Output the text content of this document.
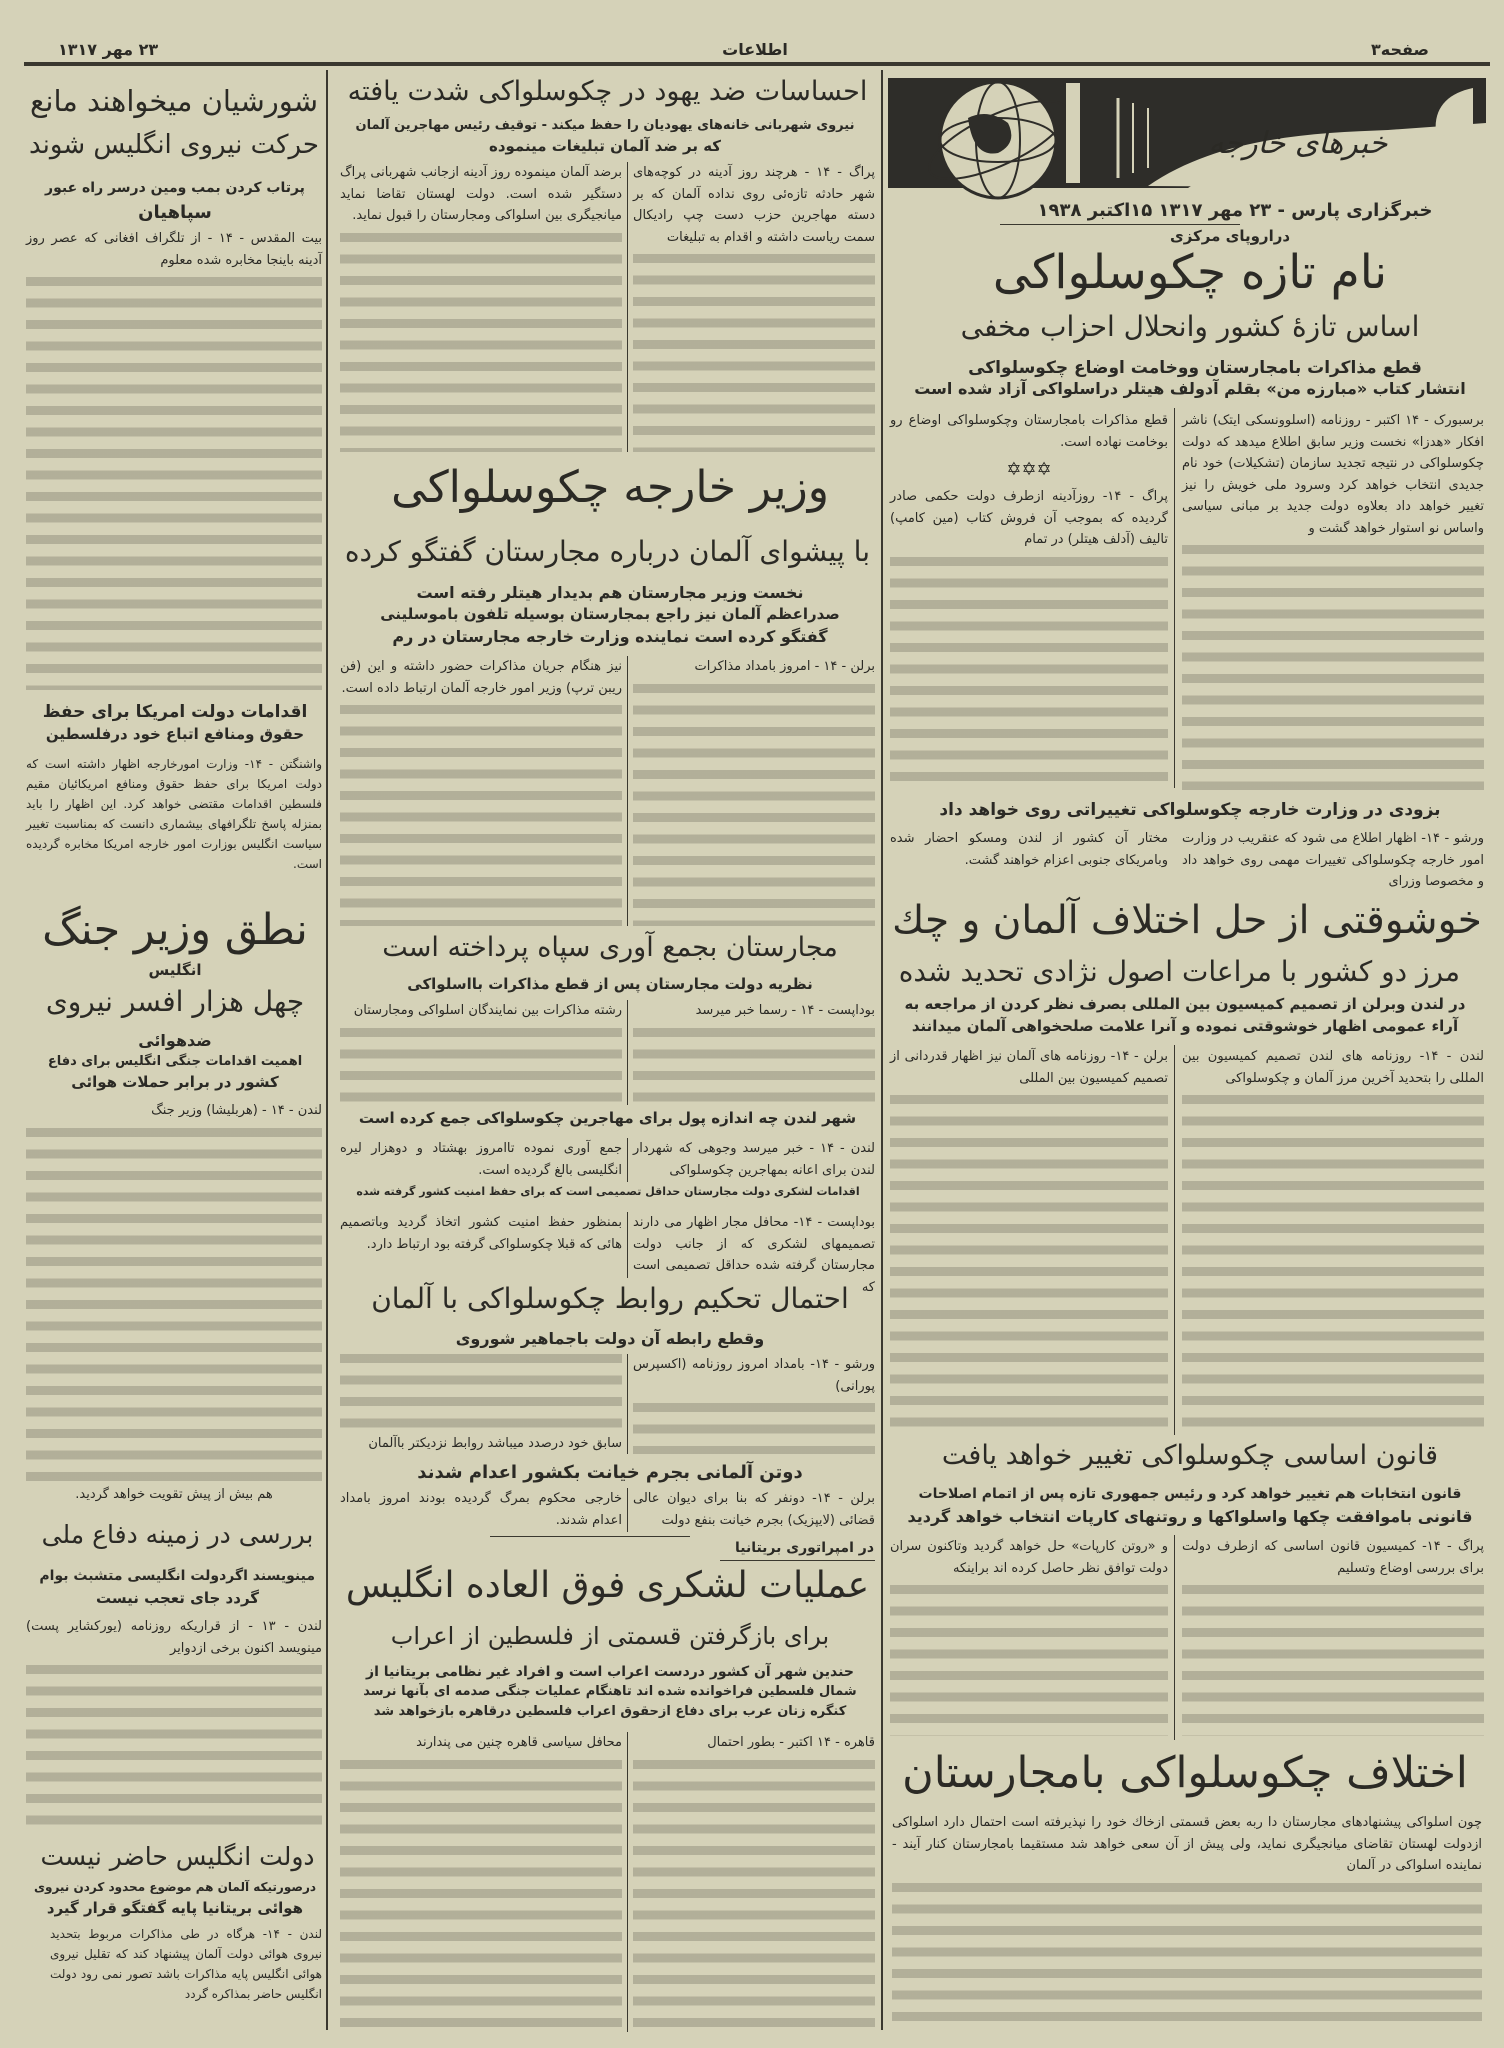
صفحه۳
اطلاعات
۲۳ مهر ۱۳۱۷
خبرهای خارجه
خبرگزاری پارس - ۲۳ مهر ۱۳۱۷ ۱۵اکتبر ۱۹۳۸
دراروپای مرکزی
نام تازه چکوسلواکی
اساس تازهٔ کشور وانحلال احزاب مخفی
قطع مذاکرات بامجارستان ووخامت اوضاع چکوسلواکی
انتشار کتاب «مبارزه من» بقلم آدولف هیتلر دراسلواکی آزاد شده است
برسبورک - ۱۴ اکتبر - روزنامه (اسلوونسکی ایتک) ناشر افکار «هدزا» نخست وزیر سابق اطلاع میدهد که دولت چکوسلواکی در نتیجه تجدید سازمان (تشکیلات) خود نام جدیدی انتخاب خواهد کرد وسرود ملی خویش را نیز تغییر خواهد داد بعلاوه دولت جدید بر مبانی سیاسی واساس نو استوار خواهد گشت و
قطع مذاکرات بامجارستان وچکوسلواکی اوضاع رو بوخامت نهاده است.
✡✡✡
پراگ - ۱۴- روزآدینه ازطرف دولت حکمی صادر گردیده که بموجب آن فروش کتاب (مین کامپ) تالیف (آدلف هیتلر) در تمام
بزودی در وزارت خارجه چکوسلواکی تغییراتی روی خواهد داد
ورشو - ۱۴- اظهار اطلاع می شود که عنقریب در وزارت امور خارجه چکوسلواکی تغییرات مهمی روی خواهد داد و مخصوصا وزرای
مختار آن کشور از لندن ومسکو احضار شده وبامریکای جنوبی اعزام خواهند گشت.
خوشوقتی از حل اختلاف آلمان و چك
مرز دو کشور با مراعات اصول نژادی تحدید شده
در لندن وبرلن از تصمیم کمیسیون بین المللی بصرف نظر کردن از مراجعه به
آراء عمومی اظهار خوشوقتی نموده و آنرا علامت صلحخواهی آلمان میدانند
لندن - ۱۴- روزنامه های لندن تصمیم کمیسیون بین المللی را بتحدید آخرین مرز آلمان و چکوسلواکی
برلن - ۱۴- روزنامه های آلمان نیز اظهار قدردانی از تصمیم کمیسیون بین المللی
قانون اساسی چکوسلواکی تغییر خواهد یافت
قانون انتخابات هم تغییر خواهد کرد و رئیس جمهوری تازه پس از اتمام اصلاحات
قانونی باموافقت چکها واسلواکها و روتنهای کارپات انتخاب خواهد گردید
پراگ - ۱۴- کمیسیون قانون اساسی که ازطرف دولت برای بررسی اوضاع وتسلیم
و «روتن کارپات» حل خواهد گردید وتاکنون سران دولت توافق نظر حاصل کرده اند براینکه
اختلاف چکوسلواکی بامجارستان
چون اسلواکی پیشنهادهای مجارستان دا ربه بعض قسمتی ازخاك خود را نپذیرفته است احتمال دارد اسلواکی ازدولت لهستان تقاضای میانجیگری نماید، ولی پیش از آن سعی خواهد شد مستقیما بامجارستان کنار آیند - نماینده اسلواکی در آلمان
احساسات ضد یهود در چکوسلواکی شدت یافته
نیروی شهربانی خانه‌های یهودیان را حفظ میکند - توقیف رئیس مهاجرین آلمان
که بر ضد آلمان تبلیغات مینموده
پراگ - ۱۴ - هرچند روز آدینه در کوچه‌های شهر حادثه تازه‌ئی روی نداده آلمان که بر دسته مهاجرین حزب دست چپ رادیکال سمت ریاست داشته و اقدام به تبلیغات
برضد آلمان مینموده روز آدینه ازجانب شهربانی پراگ دستگیر شده است. دولت لهستان تقاضا نماید میانجیگری بین اسلواکی ومجارستان را قبول نماید.
وزیر خارجه چکوسلواکی
با پیشوای آلمان درباره مجارستان گفتگو کرده
نخست وزیر مجارستان هم بدیدار هیتلر رفته است
صدراعظم آلمان نیز راجع بمجارستان بوسیله تلفون باموسلینی
گفتگو کرده است نماینده وزارت خارجه مجارستان در رم
برلن - ۱۴ - امروز بامداد مذاکرات
نیز هنگام جریان مذاکرات حضور داشته و این (فن ریبن ترپ) وزیر امور خارجه آلمان ارتباط داده است.
مجارستان بجمع آوری سپاه پرداخته است
نظریه دولت مجارستان پس از قطع مذاکرات بااسلواکی
بوداپست - ۱۴ - رسما خبر میرسد
رشته مذاکرات بین نمایندگان اسلواکی ومجارستان
شهر لندن چه اندازه پول برای مهاجرین چکوسلواکی جمع کرده است
لندن - ۱۴ - خبر میرسد وجوهی که شهردار لندن برای اعانه بمهاجرین چکوسلواکی
جمع آوری نموده تاامروز بهشتاد و دوهزار لیره انگلیسی بالغ گردیده است.
اقدامات لشکری دولت مجارستان حداقل تصمیمی است که برای حفظ امنیت کشور گرفته شده
بوداپست - ۱۴- محافل مجار اظهار می دارند تصمیمهای لشکری که از جانب دولت مجارستان گرفته شده حداقل تصمیمی است که
بمنظور حفظ امنیت کشور اتخاذ گردید وباتصمیم هائی که قبلا چکوسلواکی گرفته بود ارتباط دارد.
احتمال تحکیم روابط چکوسلواکی با آلمان
وقطع رابطه آن دولت باجماهیر شوروی
ورشو - ۱۴- بامداد امروز روزنامه (اکسپرس پورانی)
سابق خود درصدد میباشد روابط نزدیکتر باآلمان
دوتن آلمانی بجرم خیانت بکشور اعدام شدند
برلن - ۱۴- دونفر که بنا برای دیوان عالی قضائی (لایپزیک) بجرم خیانت بنفع دولت
خارجی محکوم بمرگ گردیده بودند امروز بامداد اعدام شدند.
در امپراتوری بریتانیا
عملیات لشکری فوق العاده انگلیس
برای بازگرفتن قسمتی از فلسطین از اعراب
حندین شهر آن کشور دردست اعراب است و افراد غیر نظامی بریتانیا از
شمال فلسطین فراخوانده شده اند تاهنگام عملیات جنگی صدمه ای بآنها نرسد
کنگره زنان عرب برای دفاع ازحقوق اعراب فلسطین درقاهره بازخواهد شد
قاهره - ۱۴ اکتبر - بطور احتمال
محافل سیاسی قاهره چنین می پندارند
شورشیان میخواهند مانع
حرکت نیروی انگلیس شوند
پرتاب کردن بمب ومین درسر راه عبور
سپاهیان
بیت المقدس - ۱۴ - از تلگراف افغانی که عصر روز آدینه باینجا مخابره شده معلوم
اقدامات دولت امریکا برای حفظ
حقوق ومنافع اتباع خود درفلسطین
واشنگتن - ۱۴- وزارت امورخارجه اظهار داشته است که دولت امریکا برای حفظ حقوق ومنافع امریکائیان مقیم فلسطین اقدامات مقتضی خواهد کرد. این اظهار را باید بمنزله پاسخ تلگرافهای بیشماری دانست که بمناسبت تغییر سیاست انگلیس بوزارت امور خارجه امریکا مخابره گردیده است.
نطق وزیر جنگ
انگلیس
چهل هزار افسر نیروی
ضدهوائی
اهمیت اقدامات جنگی انگلیس برای دفاع
کشور در برابر حملات هوائی
لندن - ۱۴ - (هربلیشا) وزیر جنگ
هم بیش از پیش تقویت خواهد گردید.
بررسی در زمینه دفاع ملی
مینویسند اگردولت انگلیسی متشبث بوام
گردد جای تعجب نیست
لندن - ۱۳ - از قراریکه روزنامه (یورکشایر پست) مینویسد اکنون برخی ازدوایر
دولت انگلیس حاضر نیست
درصورتیکه آلمان هم موضوع محدود کردن نیروی
هوائی بریتانیا پایه گفتگو قرار گیرد
لندن - ۱۴- هرگاه در طی مذاکرات مربوط بتحدید نیروی هوائی دولت آلمان پیشنهاد کند که تقلیل نیروی هوائی انگلیس پایه مذاکرات باشد تصور نمی رود دولت انگلیس حاضر بمذاکره گردد
